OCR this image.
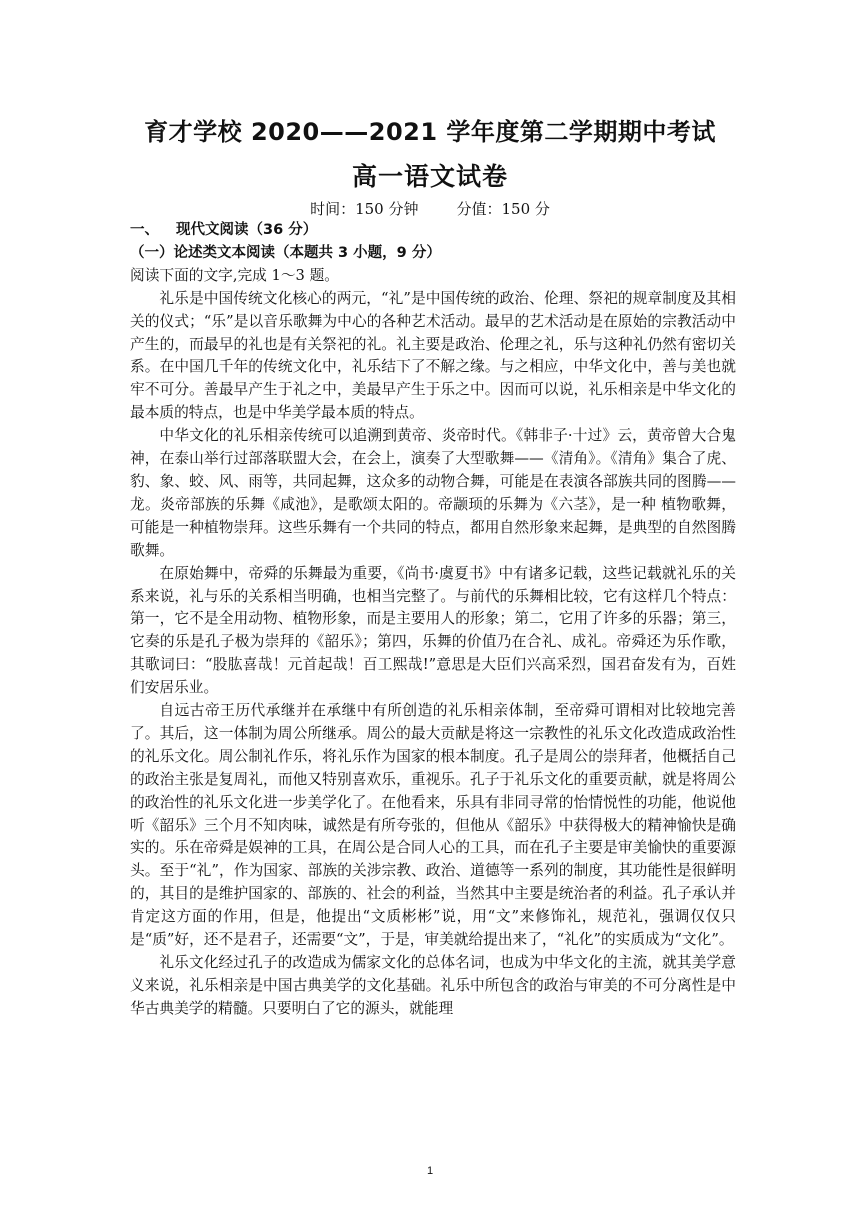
育才学校 2020——2021 学年度第二学期期中考试
高一语文试卷
时间：150 分钟	分值：150 分

一、 现代文阅读（36 分）

（一）论述类文本阅读（本题共 3 小题，9 分）

阅读下面的文字,完成 1～3 题。

礼乐是中国传统文化核心的两元，“礼”是中国传统的政治、伦理、祭祀的规章制度及其相关的仪式；“乐”是以音乐歌舞为中心的各种艺术活动。最早的艺术活动是在原始的宗教活动中产生的，而最早的礼也是有关祭祀的礼。礼主要是政治、伦理之礼，乐与这种礼仍然有密切关系。在中国几千年的传统文化中，礼乐结下了不解之缘。与之相应，中华文化中，善与美也就牢不可分。善最早产生于礼之中，美最早产生于乐之中。因而可以说，礼乐相亲是中华文化的最本质的特点，也是中华美学最本质的特点。

中华文化的礼乐相亲传统可以追溯到黄帝、炎帝时代。《韩非子·十过》云，黄帝曾大合鬼神，在泰山举行过部落联盟大会，在会上，演奏了大型歌舞——《清角》。《清角》集合了虎、豹、象、蛟、风、雨等，共同起舞，这众多的动物合舞，可能是在表演各部族共同的图腾——龙。炎帝部族的乐舞《咸池》，是歌颂太阳的。帝颛顼的乐舞为《六茎》，是一种 植物歌舞，可能是一种植物崇拜。这些乐舞有一个共同的特点，都用自然形象来起舞，是典型的自然图腾歌舞。

在原始舞中，帝舜的乐舞最为重要，《尚书·虞夏书》中有诸多记载，这些记载就礼乐的关系来说，礼与乐的关系相当明确，也相当完整了。与前代的乐舞相比较，它有这样几个特点：第一，它不是全用动物、植物形象，而是主要用人的形象；第二，它用了许多的乐器；第三，它奏的乐是孔子极为崇拜的《韶乐》；第四，乐舞的价值乃在合礼、成礼。帝舜还为乐作歌，其歌词曰：“股肱喜哉！元首起哉！百工熙哉!”意思是大臣们兴高采烈，国君奋发有为，百姓们安居乐业。

自远古帝王历代承继并在承继中有所创造的礼乐相亲体制，至帝舜可谓相对比较地完善了。其后，这一体制为周公所继承。周公的最大贡献是将这一宗教性的礼乐文化改造成政治性的礼乐文化。周公制礼作乐，将礼乐作为国家的根本制度。孔子是周公的崇拜者，他概括自己的政治主张是复周礼，而他又特别喜欢乐，重视乐。孔子于礼乐文化的重要贡献，就是将周公的政治性的礼乐文化进一步美学化了。在他看来，乐具有非同寻常的怡情悦性的功能，他说他听《韶乐》三个月不知肉味，诚然是有所夸张的，但他从《韶乐》中获得极大的精神愉快是确实的。乐在帝舜是娱神的工具，在周公是合同人心的工具，而在孔子主要是审美愉快的重要源头。至于“礼”，作为国家、部族的关涉宗教、政治、道德等一系列的制度，其功能性是很鲜明的，其目的是维护国家的、部族的、社会的利益，当然其中主要是统治者的利益。孔子承认并肯定这方面的作用，但是，他提出“文质彬彬”说，用“文”来修饰礼，规范礼，强调仅仅只是“质”好，还不是君子，还需要“文”，于是，审美就给提出来了，“礼化”的实质成为“文化”。

礼乐文化经过孔子的改造成为儒家文化的总体名词，也成为中华文化的主流，就其美学意义来说，礼乐相亲是中国古典美学的文化基础。礼乐中所包含的政治与审美的不可分离性是中华古典美学的精髓。只要明白了它的源头，就能理

1
